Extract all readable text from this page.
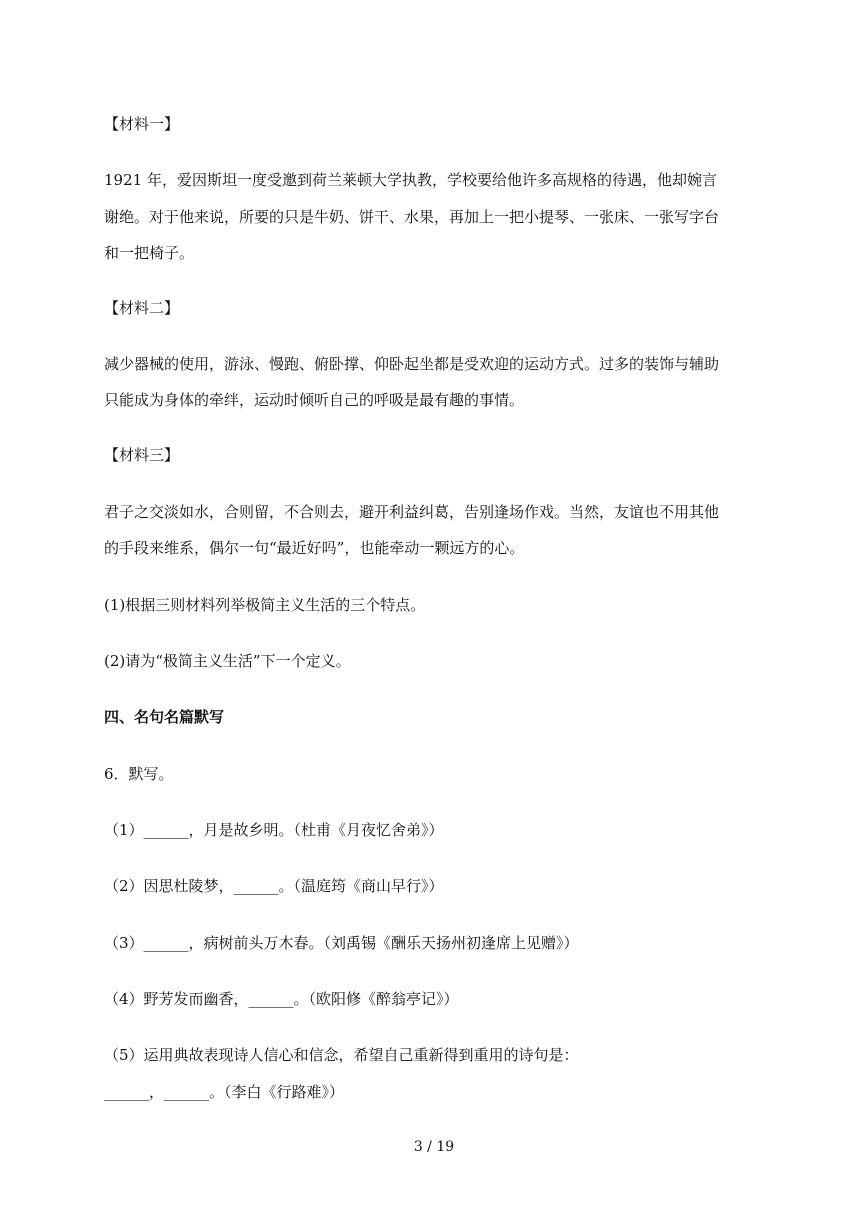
【材料一】
1921 年，爱因斯坦一度受邀到荷兰莱顿大学执教，学校要给他许多高规格的待遇，他却婉言
谢绝。对于他来说，所要的只是牛奶、饼干、水果，再加上一把小提琴、一张床、一张写字台
和一把椅子。
【材料二】
减少器械的使用，游泳、慢跑、俯卧撑、仰卧起坐都是受欢迎的运动方式。过多的装饰与辅助
只能成为身体的牵绊，运动时倾听自己的呼吸是最有趣的事情。
【材料三】
君子之交淡如水，合则留，不合则去，避开利益纠葛，告别逢场作戏。当然，友谊也不用其他
的手段来维系，偶尔一句“最近好吗”，也能牵动一颗远方的心。
(1)根据三则材料列举极简主义生活的三个特点。
(2)请为“极简主义生活”下一个定义。
四、名句名篇默写
6．默写。
（1）______，月是故乡明。（杜甫《月夜忆舍弟》）
（2）因思杜陵梦，______。（温庭筠《商山早行》）
（3）______，病树前头万木春。（刘禹锡《酬乐天扬州初逢席上见赠》）
（4）野芳发而幽香，______。（欧阳修《醉翁亭记》）
（5）运用典故表现诗人信心和信念，希望自己重新得到重用的诗句是：
______，______。（李白《行路难》）
3 / 19
